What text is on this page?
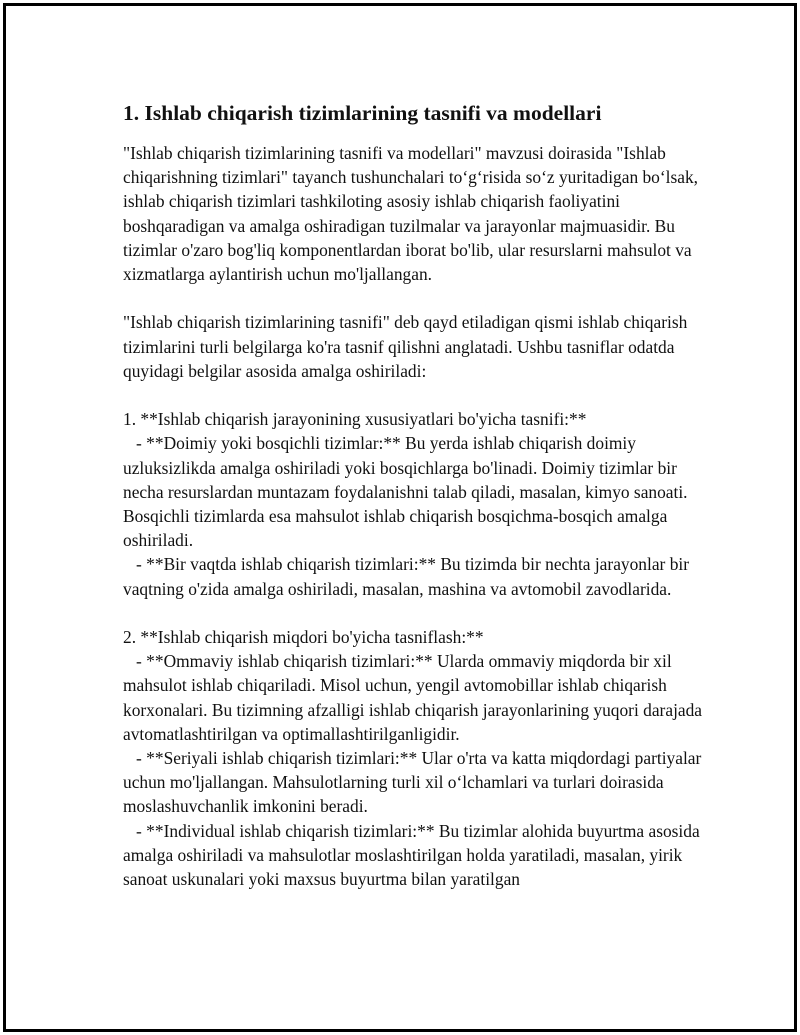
1. Ishlab chiqarish tizimlarining tasnifi va modellari

"Ishlab chiqarish tizimlarining tasnifi va modellari" mavzusi doirasida "Ishlab chiqarishning tizimlari" tayanch tushunchalari to‘g‘risida so‘z yuritadigan bo‘lsak, ishlab chiqarish tizimlari tashkiloting asosiy ishlab chiqarish faoliyatini boshqaradigan va amalga oshiradigan tuzilmalar va jarayonlar majmuasidir. Bu tizimlar o'zaro bog'liq komponentlardan iborat bo'lib, ular resurslarni mahsulot va xizmatlarga aylantirish uchun mo'ljallangan.

"Ishlab chiqarish tizimlarining tasnifi" deb qayd etiladigan qismi ishlab chiqarish tizimlarini turli belgilarga ko'ra tasnif qilishni anglatadi. Ushbu tasniflar odatda quyidagi belgilar asosida amalga oshiriladi:

1. **Ishlab chiqarish jarayonining xususiyatlari bo'yicha tasnifi:**
- **Doimiy yoki bosqichli tizimlar:** Bu yerda ishlab chiqarish doimiy uzluksizlikda amalga oshiriladi yoki bosqichlarga bo'linadi. Doimiy tizimlar bir necha resurslardan muntazam foydalanishni talab qiladi, masalan, kimyo sanoati. Bosqichli tizimlarda esa mahsulot ishlab chiqarish bosqichma-bosqich amalga oshiriladi.
- **Bir vaqtda ishlab chiqarish tizimlari:** Bu tizimda bir nechta jarayonlar bir vaqtning o'zida amalga oshiriladi, masalan, mashina va avtomobil zavodlarida.

2. **Ishlab chiqarish miqdori bo'yicha tasniflash:**
- **Ommaviy ishlab chiqarish tizimlari:** Ularda ommaviy miqdorda bir xil mahsulot ishlab chiqariladi. Misol uchun, yengil avtomobillar ishlab chiqarish korxonalari. Bu tizimning afzalligi ishlab chiqarish jarayonlarining yuqori darajada avtomatlashtirilgan va optimallashtirilganligidir.
- **Seriyali ishlab chiqarish tizimlari:** Ular o'rta va katta miqdordagi partiyalar uchun mo'ljallangan. Mahsulotlarning turli xil o‘lchamlari va turlari doirasida moslashuvchanlik imkonini beradi.
- **Individual ishlab chiqarish tizimlari:** Bu tizimlar alohida buyurtma asosida amalga oshiriladi va mahsulotlar moslashtirilgan holda yaratiladi, masalan, yirik sanoat uskunalari yoki maxsus buyurtma bilan yaratilgan
